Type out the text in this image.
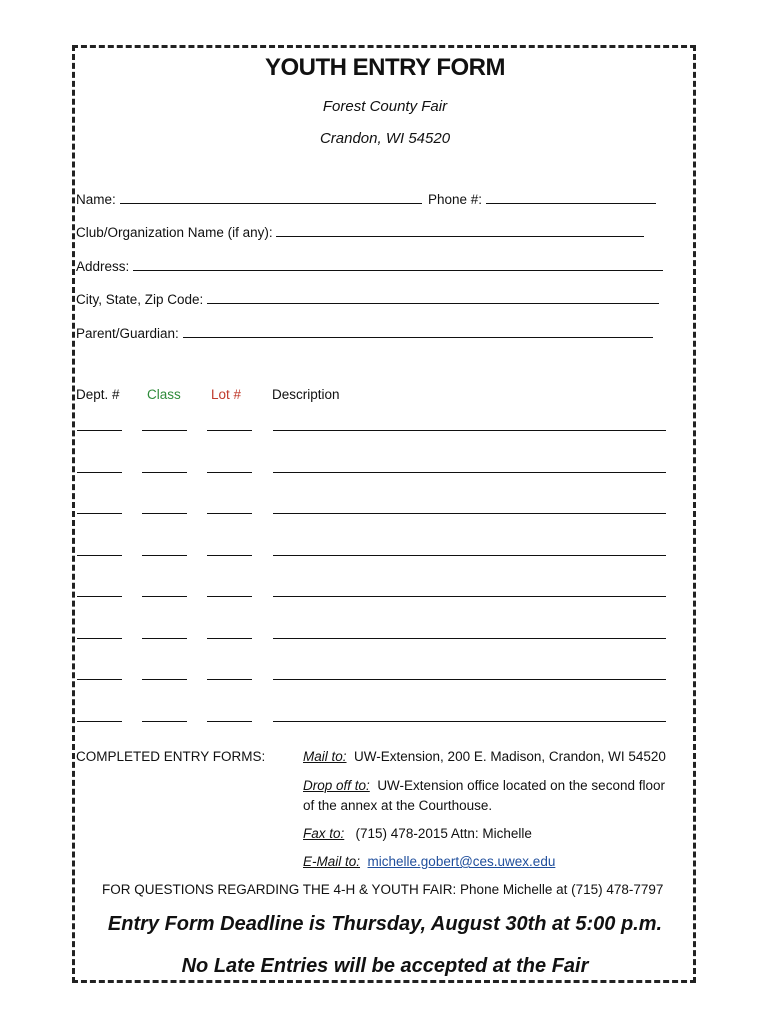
YOUTH ENTRY FORM
Forest County Fair
Crandon, WI 54520
Name:	Phone #:
Club/Organization Name (if any):
Address:
City, State, Zip Code:
Parent/Guardian:
Dept. # Class Lot # Description
COMPLETED ENTRY FORMS:	Mail to: UW-Extension, 200 E. Madison, Crandon, WI 54520
Drop off to: UW-Extension office located on the second floor
of the annex at the Courthouse.
Fax to: (715) 478-2015 Attn: Michelle
E-Mail to: michelle.gobert@ces.uwex.edu
FOR QUESTIONS REGARDING THE 4-H & YOUTH FAIR: Phone Michelle at (715) 478-7797
Entry Form Deadline is Thursday, August 30th at 5:00 p.m.
No Late Entries will be accepted at the Fair
